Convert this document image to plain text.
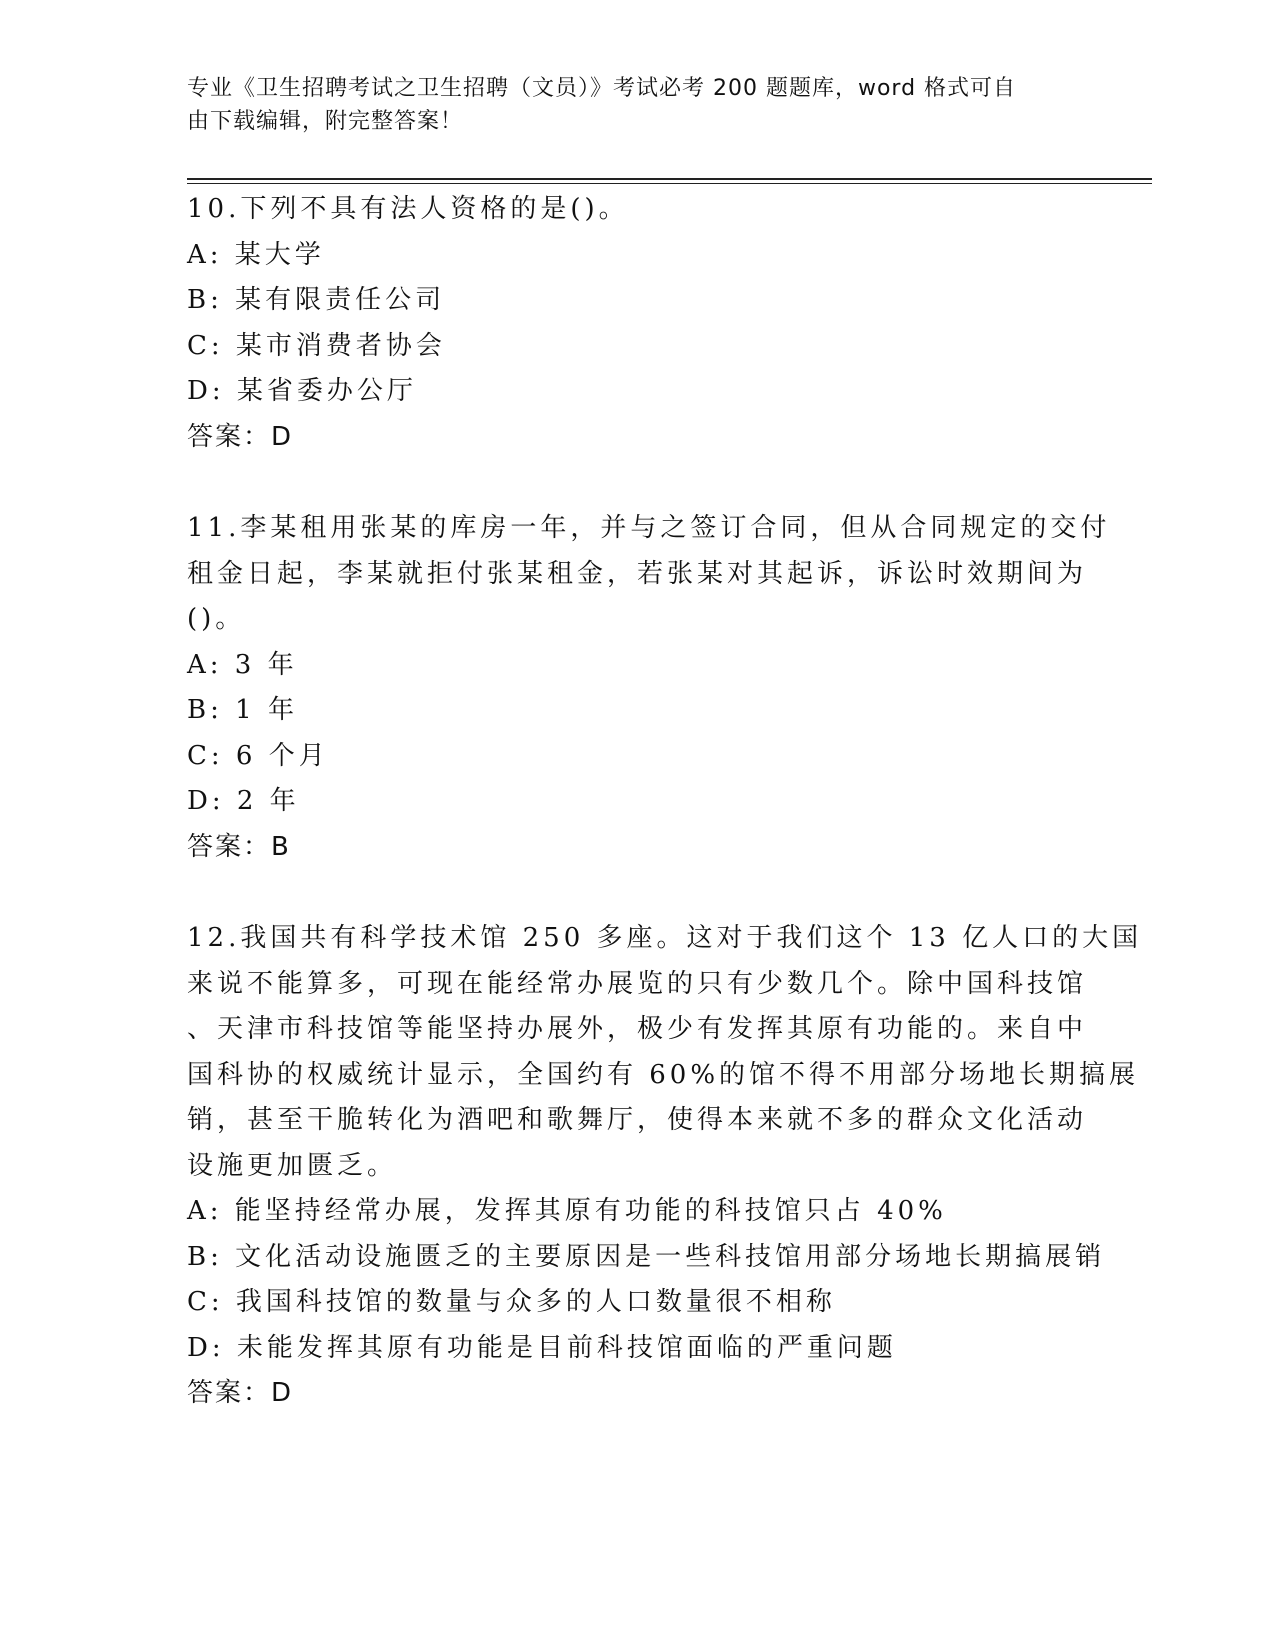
专业《卫生招聘考试之卫生招聘（文员）》考试必考 200 题题库，word 格式可自
由下载编辑，附完整答案！
10.下列不具有法人资格的是()。
A: 某大学
B: 某有限责任公司
C: 某市消费者协会
D: 某省委办公厅
答案：D
11.李某租用张某的库房一年，并与之签订合同，但从合同规定的交付
租金日起，李某就拒付张某租金，若张某对其起诉，诉讼时效期间为
()。
A: 3 年
B: 1 年
C: 6 个月
D: 2 年
答案：B
12.我国共有科学技术馆 250 多座。这对于我们这个 13 亿人口的大国
来说不能算多，可现在能经常办展览的只有少数几个。除中国科技馆
、天津市科技馆等能坚持办展外，极少有发挥其原有功能的。来自中
国科协的权威统计显示，全国约有 60%的馆不得不用部分场地长期搞展
销，甚至干脆转化为酒吧和歌舞厅，使得本来就不多的群众文化活动
设施更加匮乏。
A: 能坚持经常办展，发挥其原有功能的科技馆只占 40%
B: 文化活动设施匮乏的主要原因是一些科技馆用部分场地长期搞展销
C: 我国科技馆的数量与众多的人口数量很不相称
D: 未能发挥其原有功能是目前科技馆面临的严重问题
答案：D
